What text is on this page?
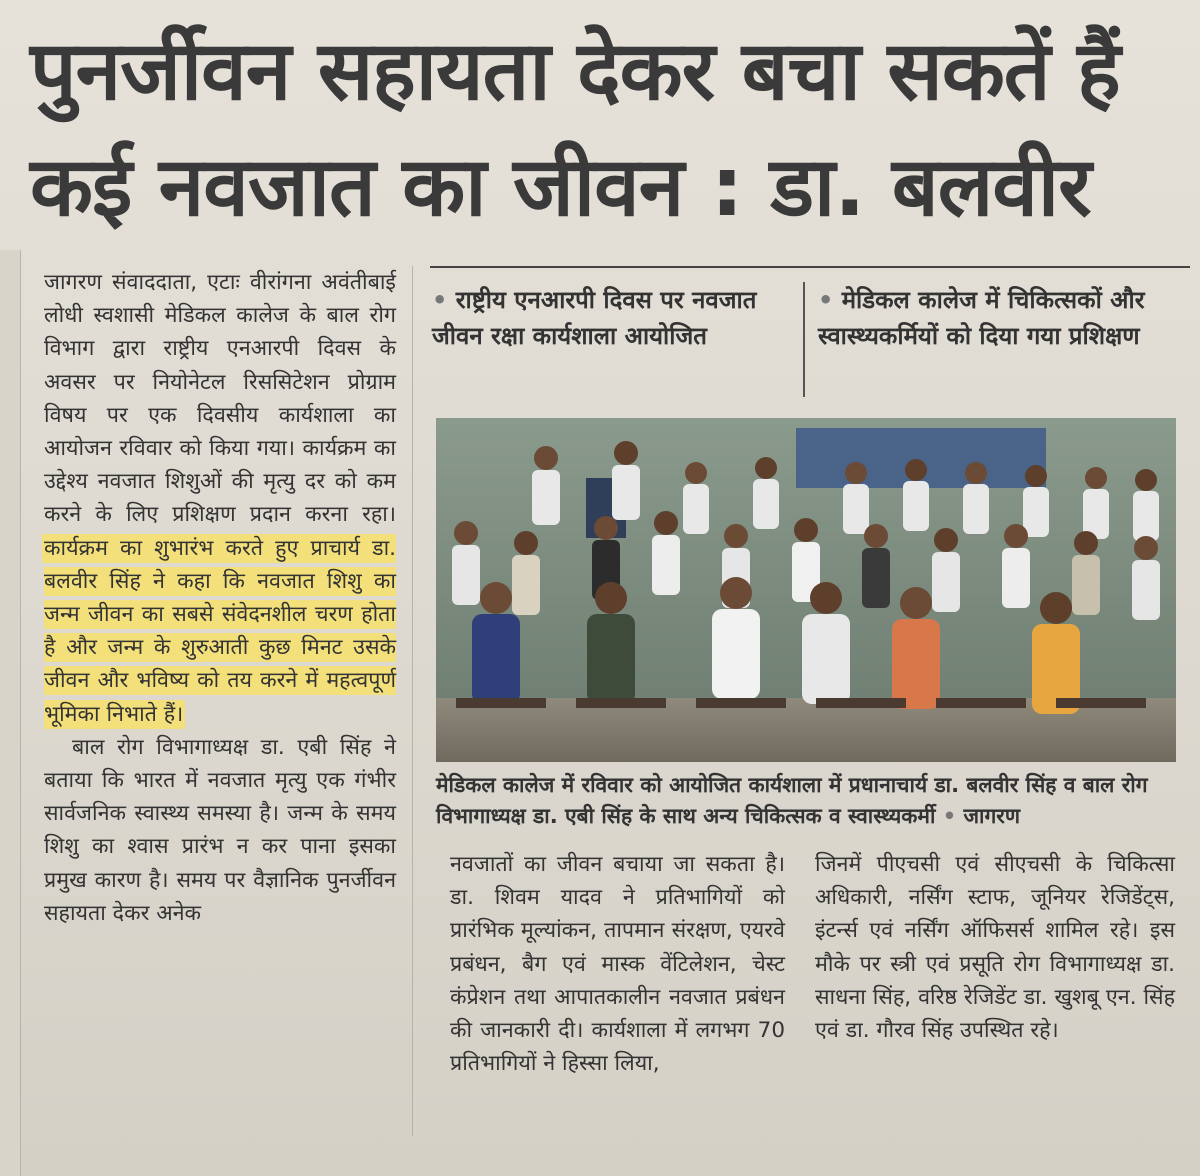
पुनर्जीवन सहायता देकर बचा सकतें हैं
कई नवजात का जीवन : डा. बलवीर
• राष्ट्रीय एनआरपी दिवस पर नवजात जीवन रक्षा कार्यशाला आयोजित
• मेडिकल कालेज में चिकित्सकों और स्वास्थ्यकर्मियों को दिया गया प्रशिक्षण

जागरण संवाददाता, एटाः वीरांगना अवंतीबाई लोधी स्वशासी मेडिकल कालेज के बाल रोग विभाग द्वारा राष्ट्रीय एनआरपी दिवस के अवसर पर नियोनेटल रिससिटेशन प्रोग्राम विषय पर एक दिवसीय कार्यशाला का आयोजन रविवार को किया गया। कार्यक्रम का उद्देश्य नवजात शिशुओं की मृत्यु दर को कम करने के लिए प्रशिक्षण प्रदान करना रहा। कार्यक्रम का शुभारंभ करते हुए प्राचार्य डा. बलवीर सिंह ने कहा कि नवजात शिशु का जन्म जीवन का सबसे संवेदनशील चरण होता है और जन्म के शुरुआती कुछ मिनट उसके जीवन और भविष्य को तय करने में महत्वपूर्ण भूमिका निभाते हैं।

बाल रोग विभागाध्यक्ष डा. एबी सिंह ने बताया कि भारत में नवजात मृत्यु एक गंभीर सार्वजनिक स्वास्थ्य समस्या है। जन्म के समय शिशु का श्वास प्रारंभ न कर पाना इसका प्रमुख कारण है। समय पर वैज्ञानिक पुनर्जीवन सहायता देकर अनेक

मेडिकल कालेज में रविवार को आयोजित कार्यशाला में प्रधानाचार्य डा. बलवीर सिंह व बाल रोग विभागाध्यक्ष डा. एबी सिंह के साथ अन्य चिकित्सक व स्वास्थ्यकर्मी • जागरण
नवजातों का जीवन बचाया जा सकता है। डा. शिवम यादव ने प्रतिभागियों को प्रारंभिक मूल्यांकन, तापमान संरक्षण, एयरवे प्रबंधन, बैग एवं मास्क वेंटिलेशन, चेस्ट कंप्रेशन तथा आपातकालीन नवजात प्रबंधन की जानकारी दी। कार्यशाला में लगभग 70 प्रतिभागियों ने हिस्सा लिया,
जिनमें पीएचसी एवं सीएचसी के चिकित्सा अधिकारी, नर्सिंग स्टाफ, जूनियर रेजिडेंट्स, इंटर्न्स एवं नर्सिंग ऑफिसर्स शामिल रहे। इस मौके पर स्त्री एवं प्रसूति रोग विभागाध्यक्ष डा. साधना सिंह, वरिष्ठ रेजिडेंट डा. खुशबू एन. सिंह एवं डा. गौरव सिंह उपस्थित रहे।
